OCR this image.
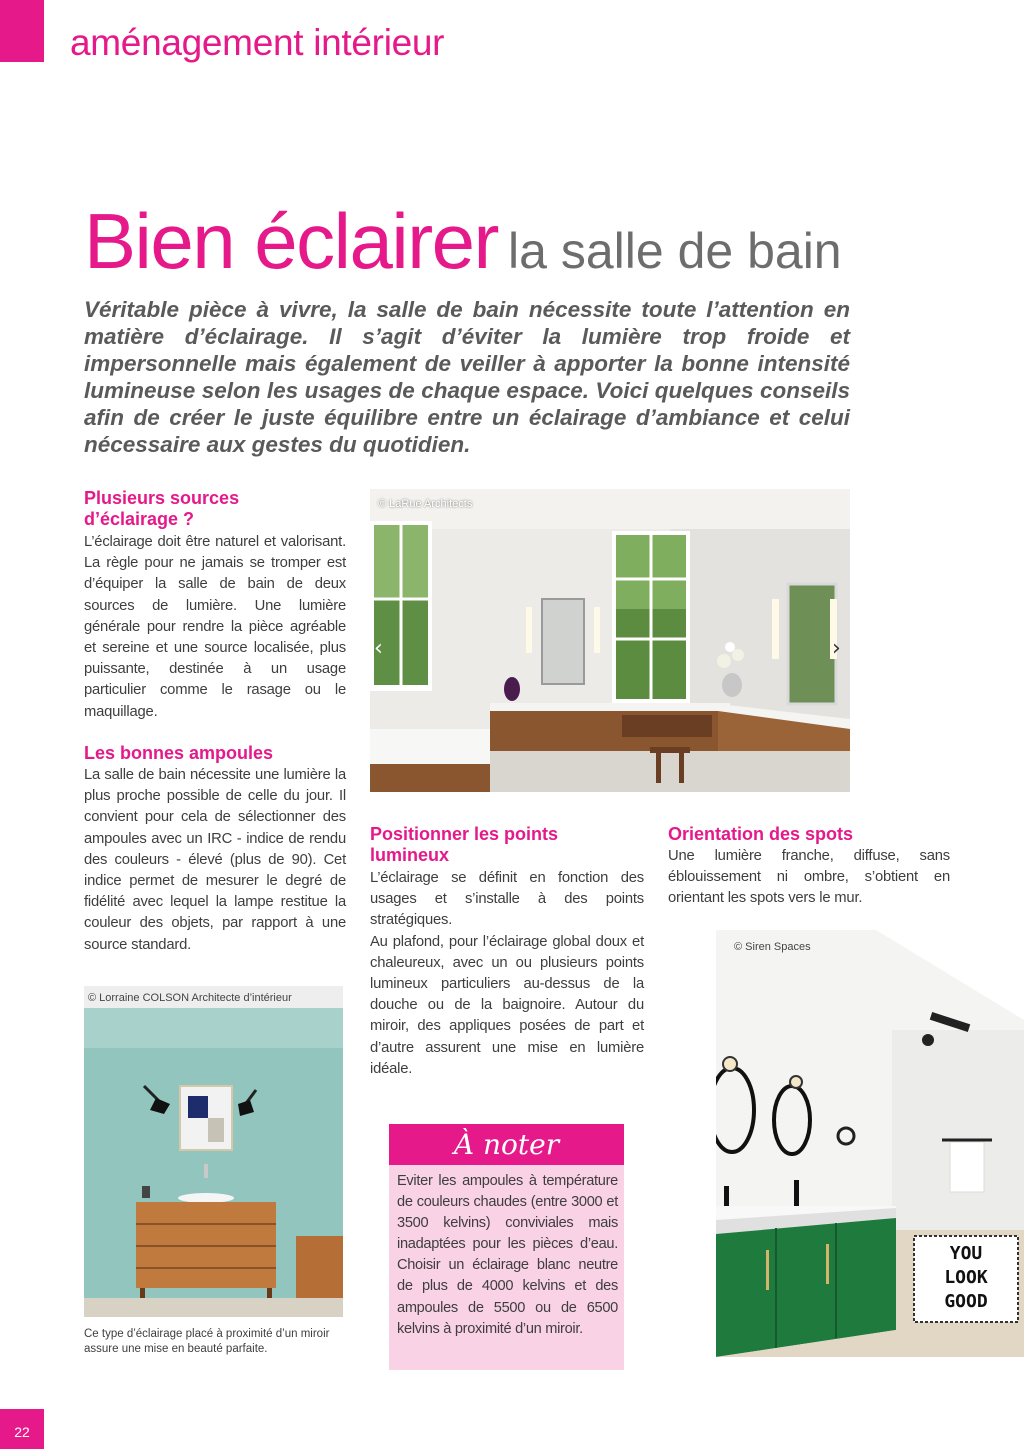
aménagement intérieur
Bien éclairer la salle de bain

Véritable pièce à vivre, la salle de bain nécessite toute l’attention en matière d’éclairage. Il s’agit d’éviter la lumière trop froide et impersonnelle mais également de veiller à apporter la bonne intensité lumineuse selon les usages de chaque espace. Voici quelques conseils afin de créer le juste équilibre entre un éclairage d’ambiance et celui nécessaire aux gestes du quotidien.

Plusieurs sources
d’éclairage ?

L’éclairage doit être naturel et valorisant. La règle pour ne jamais se tromper est d’équiper la salle de bain de deux sources de lumière. Une lumière générale pour rendre la pièce agréable et sereine et une source localisée, plus puissante, destinée à un usage particulier comme le rasage ou le maquillage.

Les bonnes ampoules

La salle de bain nécessite une lumière la plus proche possible de celle du jour. Il convient pour cela de sélectionner des ampoules avec un IRC - indice de rendu des couleurs - élevé (plus de 90). Cet indice permet de mesurer le degré de fidélité avec lequel la lampe restitue la couleur des objets, par rapport à une source standard.

‹	›
© LaRue Architects

Positionner les points
lumineux

L’éclairage se définit en fonction des usages et s’installe à des points stratégiques.

Au plafond, pour l’éclairage global doux et chaleureux, avec un ou plusieurs points lumineux particuliers au-dessus de la douche ou de la baignoire. Autour du miroir, des appliques posées de part et d’autre assurent une mise en lumière idéale.

Orientation des spots

Une lumière franche, diffuse, sans éblouissement ni ombre, s’obtient en orientant les spots vers le mur.

© Lorraine COLSON Architecte d’intérieur

Ce type d’éclairage placé à proximité d’un miroir assure une mise en beauté parfaite.

À noter

Eviter les ampoules à température de couleurs chaudes (entre 3000 et 3500 kelvins) conviviales mais inadaptées pour les pièces d’eau. Choisir un éclairage blanc neutre de plus de 4000 kelvins et des ampoules de 5500 ou de 6500 kelvins à proximité d’un miroir.

YOU
LOOK
GOOD
© Siren Spaces
22
